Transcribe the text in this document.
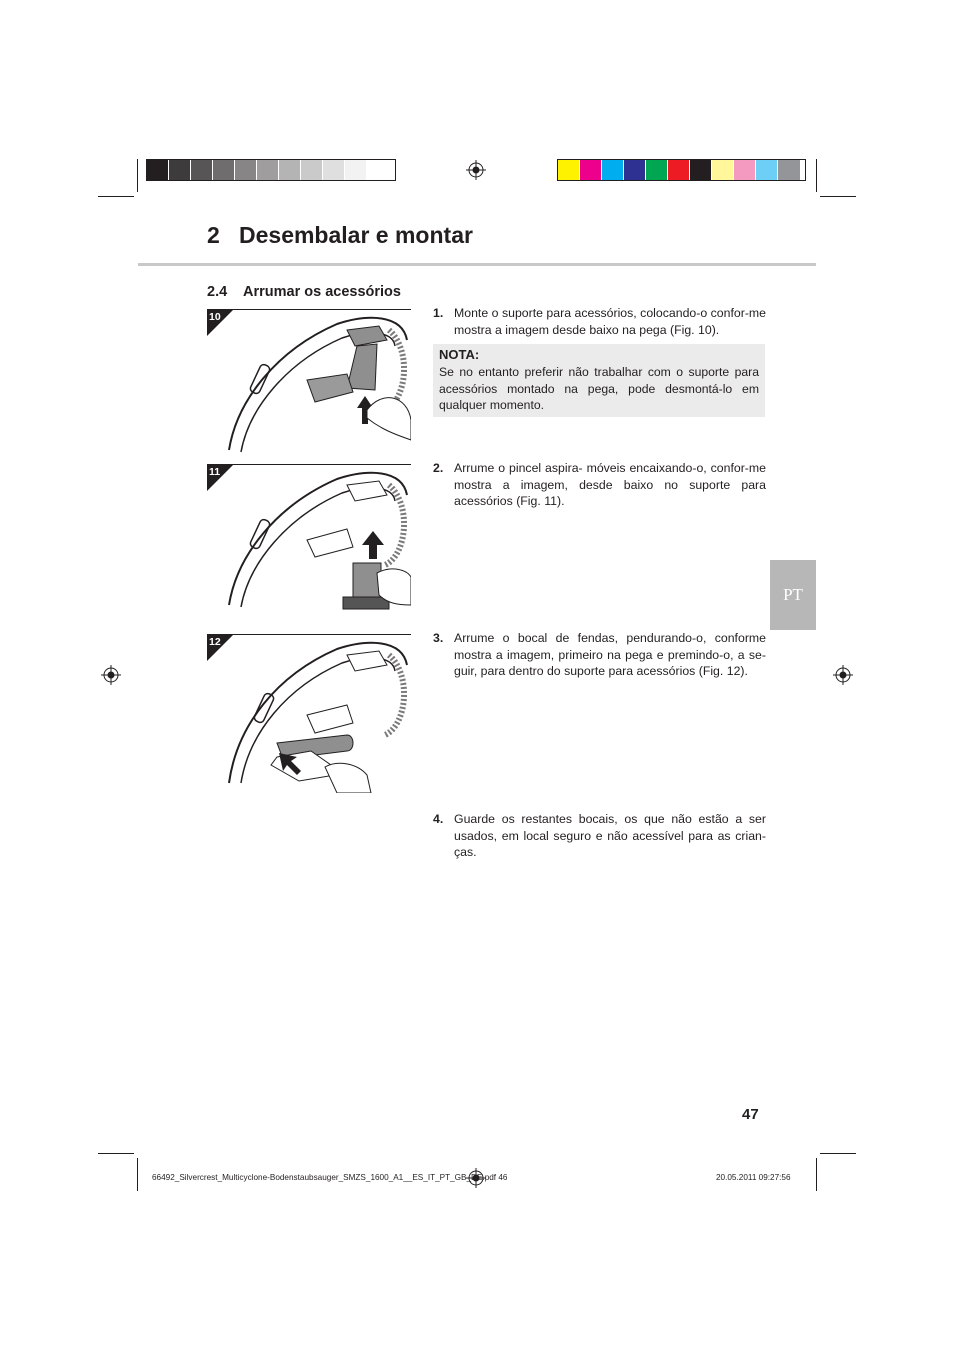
2 Desembalar e montar
2.4 Arrumar os acessórios
10
11
12
1. Monte o suporte para acessórios, colocando-o confor-me mostra a imagem desde baixo na pega (Fig. 10).
NOTA:
Se no entanto preferir não trabalhar com o suporte para acessórios montado na pega, pode desmontá-lo em qualquer momento.
2. Arrume o pincel aspira- móveis encaixando-o, confor-me mostra a imagem, desde baixo no suporte para acessórios (Fig. 11).
3. Arrume o bocal de fendas, pendurando-o, conforme mostra a imagem, primeiro na pega e premindo-o, a se-guir, para dentro do suporte para acessórios (Fig. 12).
4. Guarde os restantes bocais, os que não estão a ser usados, em local seguro e não acessível para as crian-ças.
PT
47
66492_Silvercrest_Multicyclone-Bodenstaubsauger_SMZS_1600_A1__ES_IT_PT_GB_DE.pdf 46	20.05.2011 09:27:56
